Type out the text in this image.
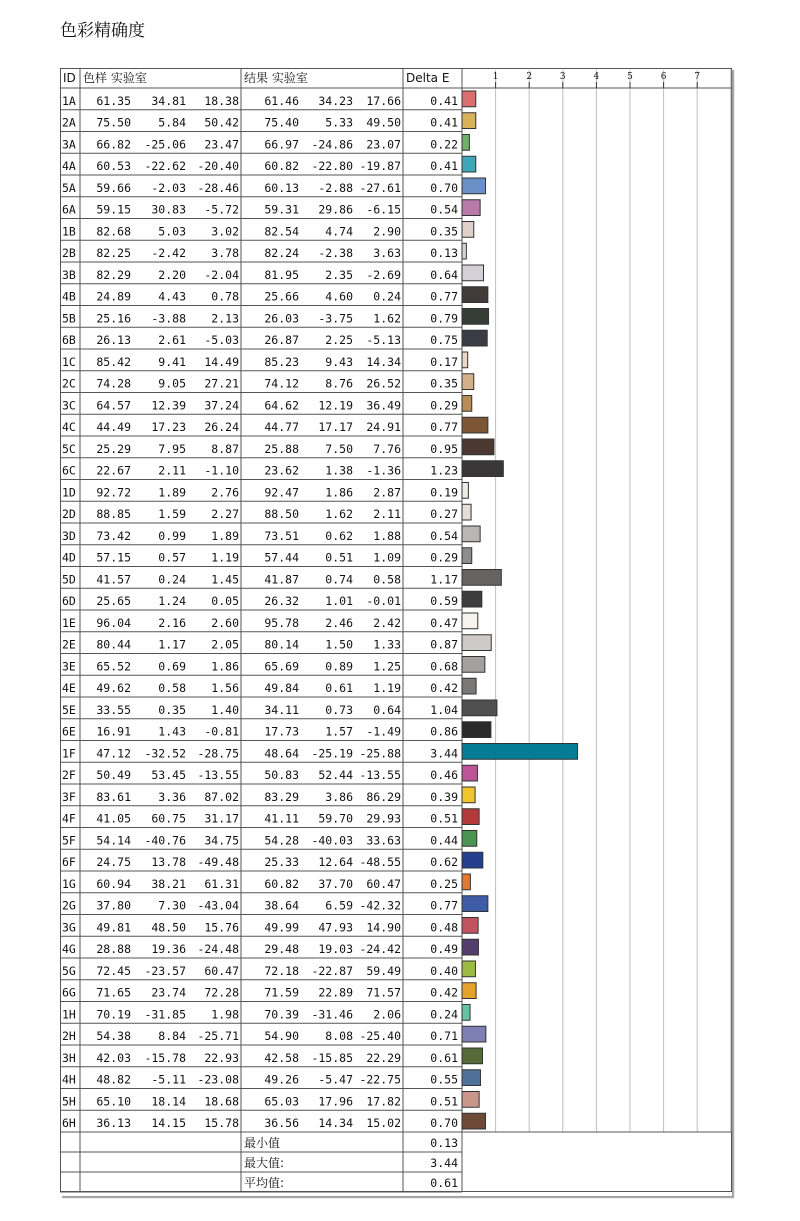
色彩精确度
ID 色样 实验室	结果 实验室	Delta E	1	2	3	4	5	6	7
1A 61.35 34.81 18.38 61.46 34.23 17.66	0.41
2A 75.50 5.84 50.42 75.40 5.33 49.50	0.41
3A 66.82 -25.06 23.47 66.97 -24.86 23.07	0.22
4A 60.53 -22.62 -20.40 60.82 -22.80 -19.87	0.41
5A 59.66 -2.03 -28.46 60.13 -2.88 -27.61	0.70
6A 59.15 30.83 -5.72 59.31 29.86 -6.15	0.54
1B 82.68 5.03 3.02 82.54 4.74 2.90	0.35
2B 82.25 -2.42 3.78 82.24 -2.38 3.63	0.13
3B 82.29 2.20 -2.04 81.95 2.35 -2.69	0.64
4B 24.89 4.43 0.78 25.66 4.60 0.24	0.77
5B 25.16 -3.88 2.13 26.03 -3.75 1.62	0.79
6B 26.13 2.61 -5.03 26.87 2.25 -5.13	0.75
1C 85.42 9.41 14.49 85.23 9.43 14.34	0.17
2C 74.28 9.05 27.21 74.12 8.76 26.52	0.35
3C 64.57 12.39 37.24 64.62 12.19 36.49	0.29
4C 44.49 17.23 26.24 44.77 17.17 24.91	0.77
5C 25.29 7.95 8.87 25.88 7.50 7.76	0.95
6C 22.67 2.11 -1.10 23.62 1.38 -1.36	1.23
1D 92.72 1.89 2.76 92.47 1.86 2.87	0.19
2D 88.85 1.59 2.27 88.50 1.62 2.11	0.27
3D 73.42 0.99 1.89 73.51 0.62 1.88	0.54
4D 57.15 0.57 1.19 57.44 0.51 1.09	0.29
5D 41.57 0.24 1.45 41.87 0.74 0.58	1.17
6D 25.65 1.24 0.05 26.32 1.01 -0.01	0.59
1E 96.04 2.16 2.60 95.78 2.46 2.42	0.47
2E 80.44 1.17 2.05 80.14 1.50 1.33	0.87
3E 65.52 0.69 1.86 65.69 0.89 1.25	0.68
4E 49.62 0.58 1.56 49.84 0.61 1.19	0.42
5E 33.55 0.35 1.40 34.11 0.73 0.64	1.04
6E 16.91 1.43 -0.81 17.73 1.57 -1.49	0.86
1F 47.12 -32.52 -28.75 48.64 -25.19 -25.88	3.44
2F 50.49 53.45 -13.55 50.83 52.44 -13.55	0.46
3F 83.61 3.36 87.02 83.29 3.86 86.29	0.39
4F 41.05 60.75 31.17 41.11 59.70 29.93	0.51
5F 54.14 -40.76 34.75 54.28 -40.03 33.63	0.44
6F 24.75 13.78 -49.48 25.33 12.64 -48.55	0.62
1G 60.94 38.21 61.31 60.82 37.70 60.47	0.25
2G 37.80 7.30 -43.04 38.64 6.59 -42.32	0.77
3G 49.81 48.50 15.76 49.99 47.93 14.90	0.48
4G 28.88 19.36 -24.48 29.48 19.03 -24.42	0.49
5G 72.45 -23.57 60.47 72.18 -22.87 59.49	0.40
6G 71.65 23.74 72.28 71.59 22.89 71.57	0.42
1H 70.19 -31.85 1.98 70.39 -31.46 2.06	0.24
2H 54.38 8.84 -25.71 54.90 8.08 -25.40	0.71
3H 42.03 -15.78 22.93 42.58 -15.85 22.29	0.61
4H 48.82 -5.11 -23.08 49.26 -5.47 -22.75	0.55
5H 65.10 18.14 18.68 65.03 17.96 17.82	0.51
6H 36.13 14.15 15.78 36.56 14.34 15.02	0.70
最小值	0.13
最大值:	3.44
平均值:	0.61
